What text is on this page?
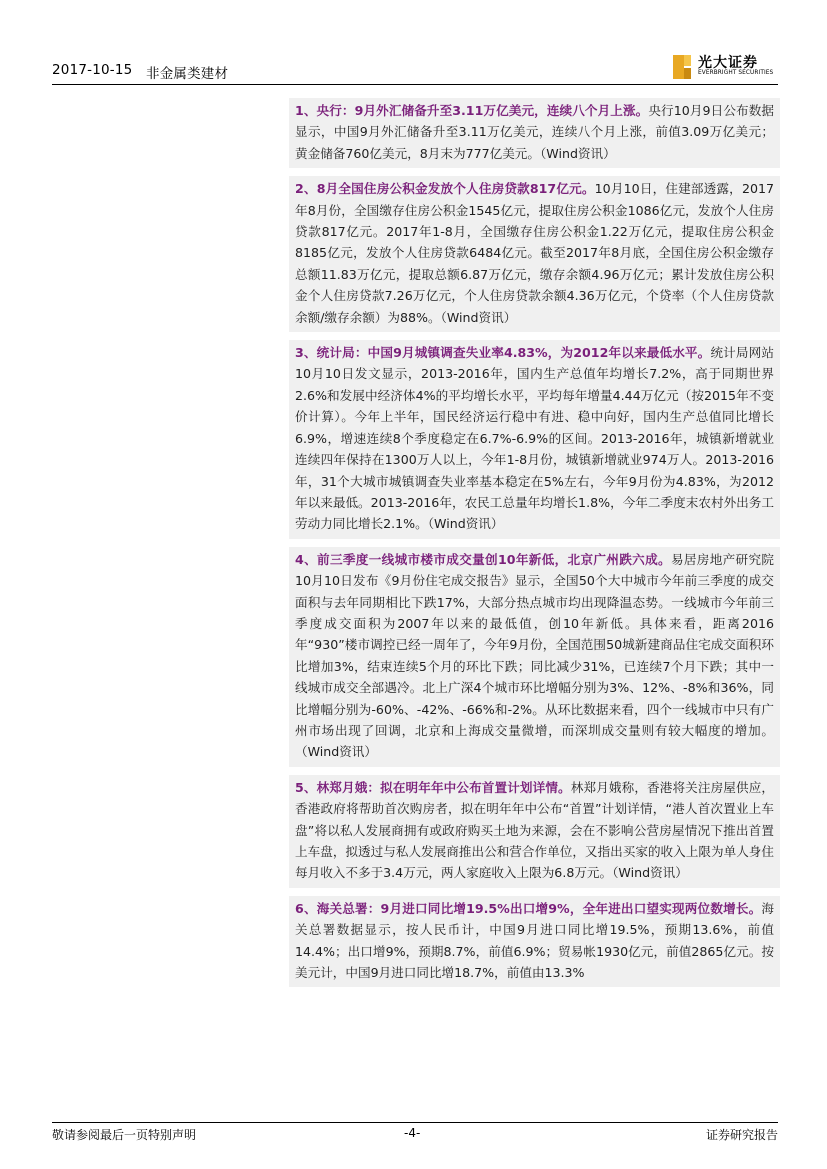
2017-10-15 非金属类建材
光大证券
EVERBRIGHT SECURITIES

1、央行：9月外汇储备升至3.11万亿美元，连续八个月上涨。央行10月9日公布数据显示，中国9月外汇储备升至3.11万亿美元，连续八个月上涨，前值3.09万亿美元；黄金储备760亿美元，8月末为777亿美元。（Wind资讯）

2、8月全国住房公积金发放个人住房贷款817亿元。10月10日，住建部透露，2017年8月份，全国缴存住房公积金1545亿元，提取住房公积金1086亿元，发放个人住房贷款817亿元。2017年1-8月，全国缴存住房公积金1.22万亿元，提取住房公积金8185亿元，发放个人住房贷款6484亿元。截至2017年8月底，全国住房公积金缴存总额11.83万亿元，提取总额6.87万亿元，缴存余额4.96万亿元；累计发放住房公积金个人住房贷款7.26万亿元，个人住房贷款余额4.36万亿元，个贷率（个人住房贷款余额/缴存余额）为88%。（Wind资讯）

3、统计局：中国9月城镇调查失业率4.83%，为2012年以来最低水平。统计局网站10月10日发文显示，2013-2016年，国内生产总值年均增长7.2%，高于同期世界2.6%和发展中经济体4%的平均增长水平，平均每年增量4.44万亿元（按2015年不变价计算）。今年上半年，国民经济运行稳中有进、稳中向好，国内生产总值同比增长6.9%，增速连续8个季度稳定在6.7%-6.9%的区间。2013-2016年，城镇新增就业连续四年保持在1300万人以上，今年1-8月份，城镇新增就业974万人。2013-2016年，31个大城市城镇调查失业率基本稳定在5%左右，今年9月份为4.83%，为2012年以来最低。2013-2016年，农民工总量年均增长1.8%，今年二季度末农村外出务工劳动力同比增长2.1%。（Wind资讯）

4、前三季度一线城市楼市成交量创10年新低，北京广州跌六成。易居房地产研究院10月10日发布《9月份住宅成交报告》显示，全国50个大中城市今年前三季度的成交面积与去年同期相比下跌17%，大部分热点城市均出现降温态势。一线城市今年前三季度成交面积为2007年以来的最低值，创10年新低。具体来看，距离2016年“930”楼市调控已经一周年了，今年9月份，全国范围50城新建商品住宅成交面积环比增加3%，结束连续5个月的环比下跌；同比减少31%，已连续7个月下跌；其中一线城市成交全部遇冷。北上广深4个城市环比增幅分别为3%、12%、-8%和36%，同比增幅分别为-60%、-42%、-66%和-2%。从环比数据来看，四个一线城市中只有广州市场出现了回调，北京和上海成交量微增，而深圳成交量则有较大幅度的增加。（Wind资讯）

5、林郑月娥：拟在明年年中公布首置计划详情。林郑月娥称，香港将关注房屋供应，香港政府将帮助首次购房者，拟在明年年中公布“首置”计划详情，“港人首次置业上车盘”将以私人发展商拥有或政府购买土地为来源，会在不影响公营房屋情况下推出首置上车盘，拟透过与私人发展商推出公和营合作单位，又指出买家的收入上限为单人身住每月收入不多于3.4万元，两人家庭收入上限为6.8万元。（Wind资讯）

6、海关总署：9月进口同比增19.5%出口增9%，全年进出口望实现两位数增长。海关总署数据显示，按人民币计，中国9月进口同比增19.5%，预期13.6%，前值14.4%；出口增9%，预期8.7%，前值6.9%；贸易帐1930亿元，前值2865亿元。按美元计，中国9月进口同比增18.7%，前值由13.3%

敬请参阅最后一页特别声明	-4-	证券研究报告
